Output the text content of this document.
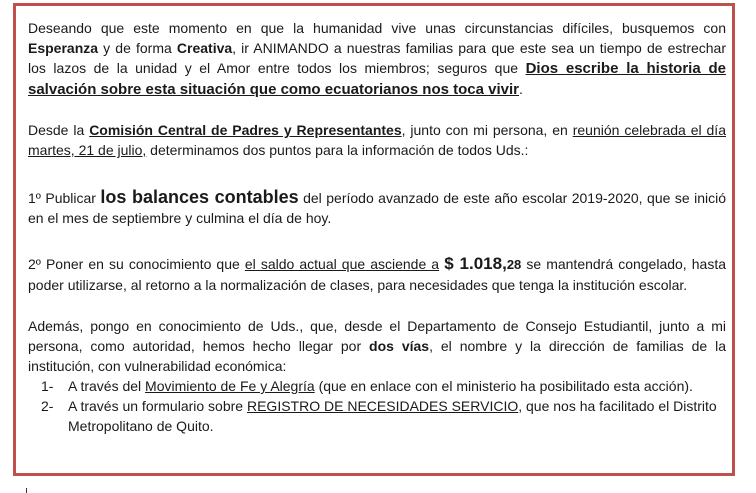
Deseando que este momento en que la humanidad vive unas circunstancias difíciles, busquemos con Esperanza y de forma Creativa, ir ANIMANDO a nuestras familias para que este sea un tiempo de estrechar los lazos de la unidad y el Amor entre todos los miembros; seguros que Dios escribe la historia de salvación sobre esta situación que como ecuatorianos nos toca vivir.

Desde la Comisión Central de Padres y Representantes, junto con mi persona, en reunión celebrada el día martes, 21 de julio, determinamos dos puntos para la información de todos Uds.:

1º Publicar los balances contables del período avanzado de este año escolar 2019-2020, que se inició en el mes de septiembre y culmina el día de hoy.

2º Poner en su conocimiento que el saldo actual que asciende a $ 1.018,28 se mantendrá congelado, hasta poder utilizarse, al retorno a la normalización de clases, para necesidades que tenga la institución escolar.

Además, pongo en conocimiento de Uds., que, desde el Departamento de Consejo Estudiantil, junto a mi persona, como autoridad, hemos hecho llegar por dos vías, el nombre y la dirección de familias de la institución, con vulnerabilidad económica:

1- A través del Movimiento de Fe y Alegría (que en enlace con el ministerio ha posibilitado esta acción).
2- A través un formulario sobre REGISTRO DE NECESIDADES SERVICIO, que nos ha facilitado el Distrito Metropolitano de Quito.
